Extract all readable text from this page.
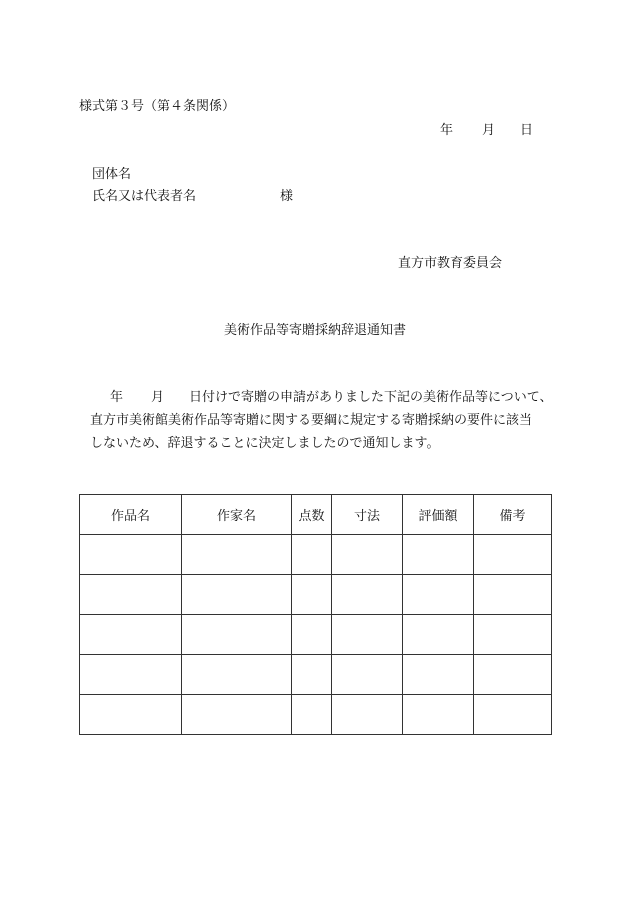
様式第３号（第４条関係）
年 月 日
団体名
氏名又は代表者名	様
直方市教育委員会
美術作品等寄贈採納辞退通知書
年 月 日付けで寄贈の申請がありました下記の美術作品等について、
直方市美術館美術作品等寄贈に関する要綱に規定する寄贈採納の要件に該当
しないため、辞退することに決定しましたので通知します。
作品名	作家名	点数	寸法	評価額	備考
